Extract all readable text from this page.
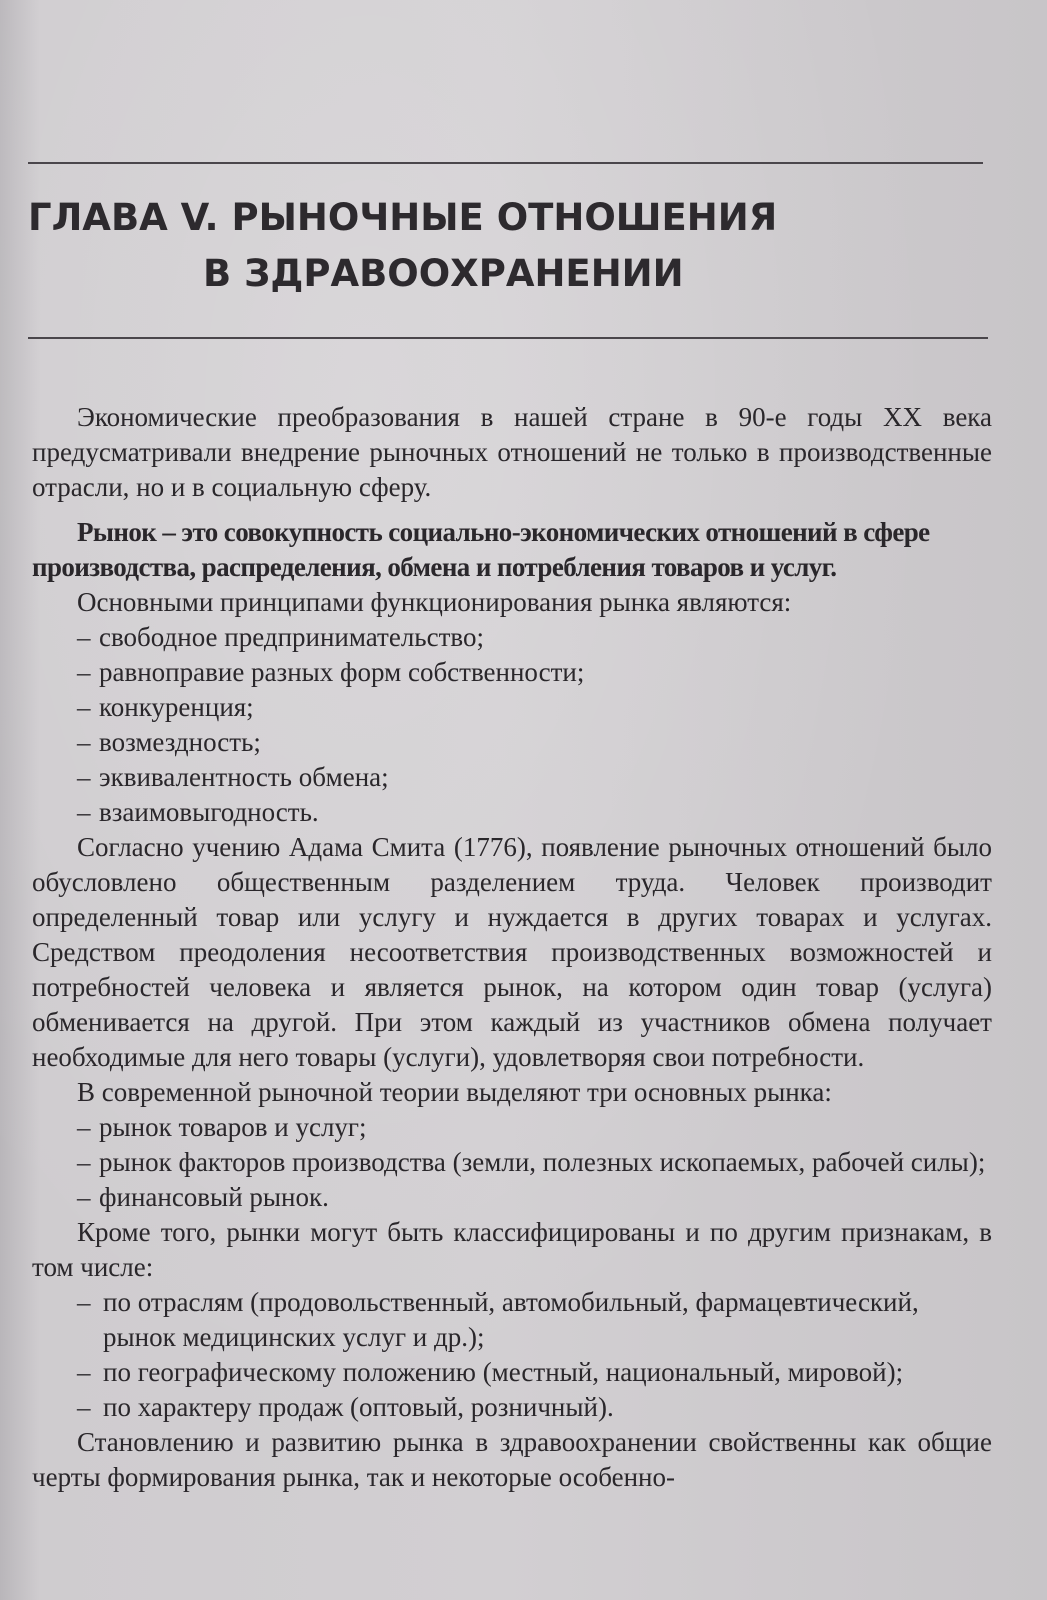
ГЛАВА V. РЫНОЧНЫЕ ОТНОШЕНИЯ
В ЗДРАВООХРАНЕНИИ

Экономические преобразования в нашей стране в 90-е годы XX века предусматривали внедрение рыночных отношений не только в производственные отрасли, но и в социальную сферу.

Рынок – это совокупность социально-экономических отношений в сфере производства, распределения, обмена и потребления товаров и услуг.

Основными принципами функционирования рынка являются:

– свободное предпринимательство;
– равноправие разных форм собственности;
– конкуренция;
– возмездность;
– эквивалентность обмена;
– взаимовыгодность.

Согласно учению Адама Смита (1776), появление рыночных отношений было обусловлено общественным разделением труда. Человек производит определенный товар или услугу и нуждается в других товарах и услугах. Средством преодоления несоответствия производственных возможностей и потребностей человека и является рынок, на котором один товар (услуга) обменивается на другой. При этом каждый из участников обмена получает необходимые для него товары (услуги), удовлетворяя свои потребности.

В современной рыночной теории выделяют три основных рынка:

– рынок товаров и услуг;
– рынок факторов производства (земли, полезных ископаемых, рабочей силы);
– финансовый рынок.

Кроме того, рынки могут быть классифицированы и по другим признакам, в том числе:

– по отраслям (продовольственный, автомобильный, фармацевтический, рынок медицинских услуг и др.);
– по географическому положению (местный, национальный, мировой);
– по характеру продаж (оптовый, розничный).

Становлению и развитию рынка в здравоохранении свойственны как общие черты формирования рынка, так и некоторые особенно-
